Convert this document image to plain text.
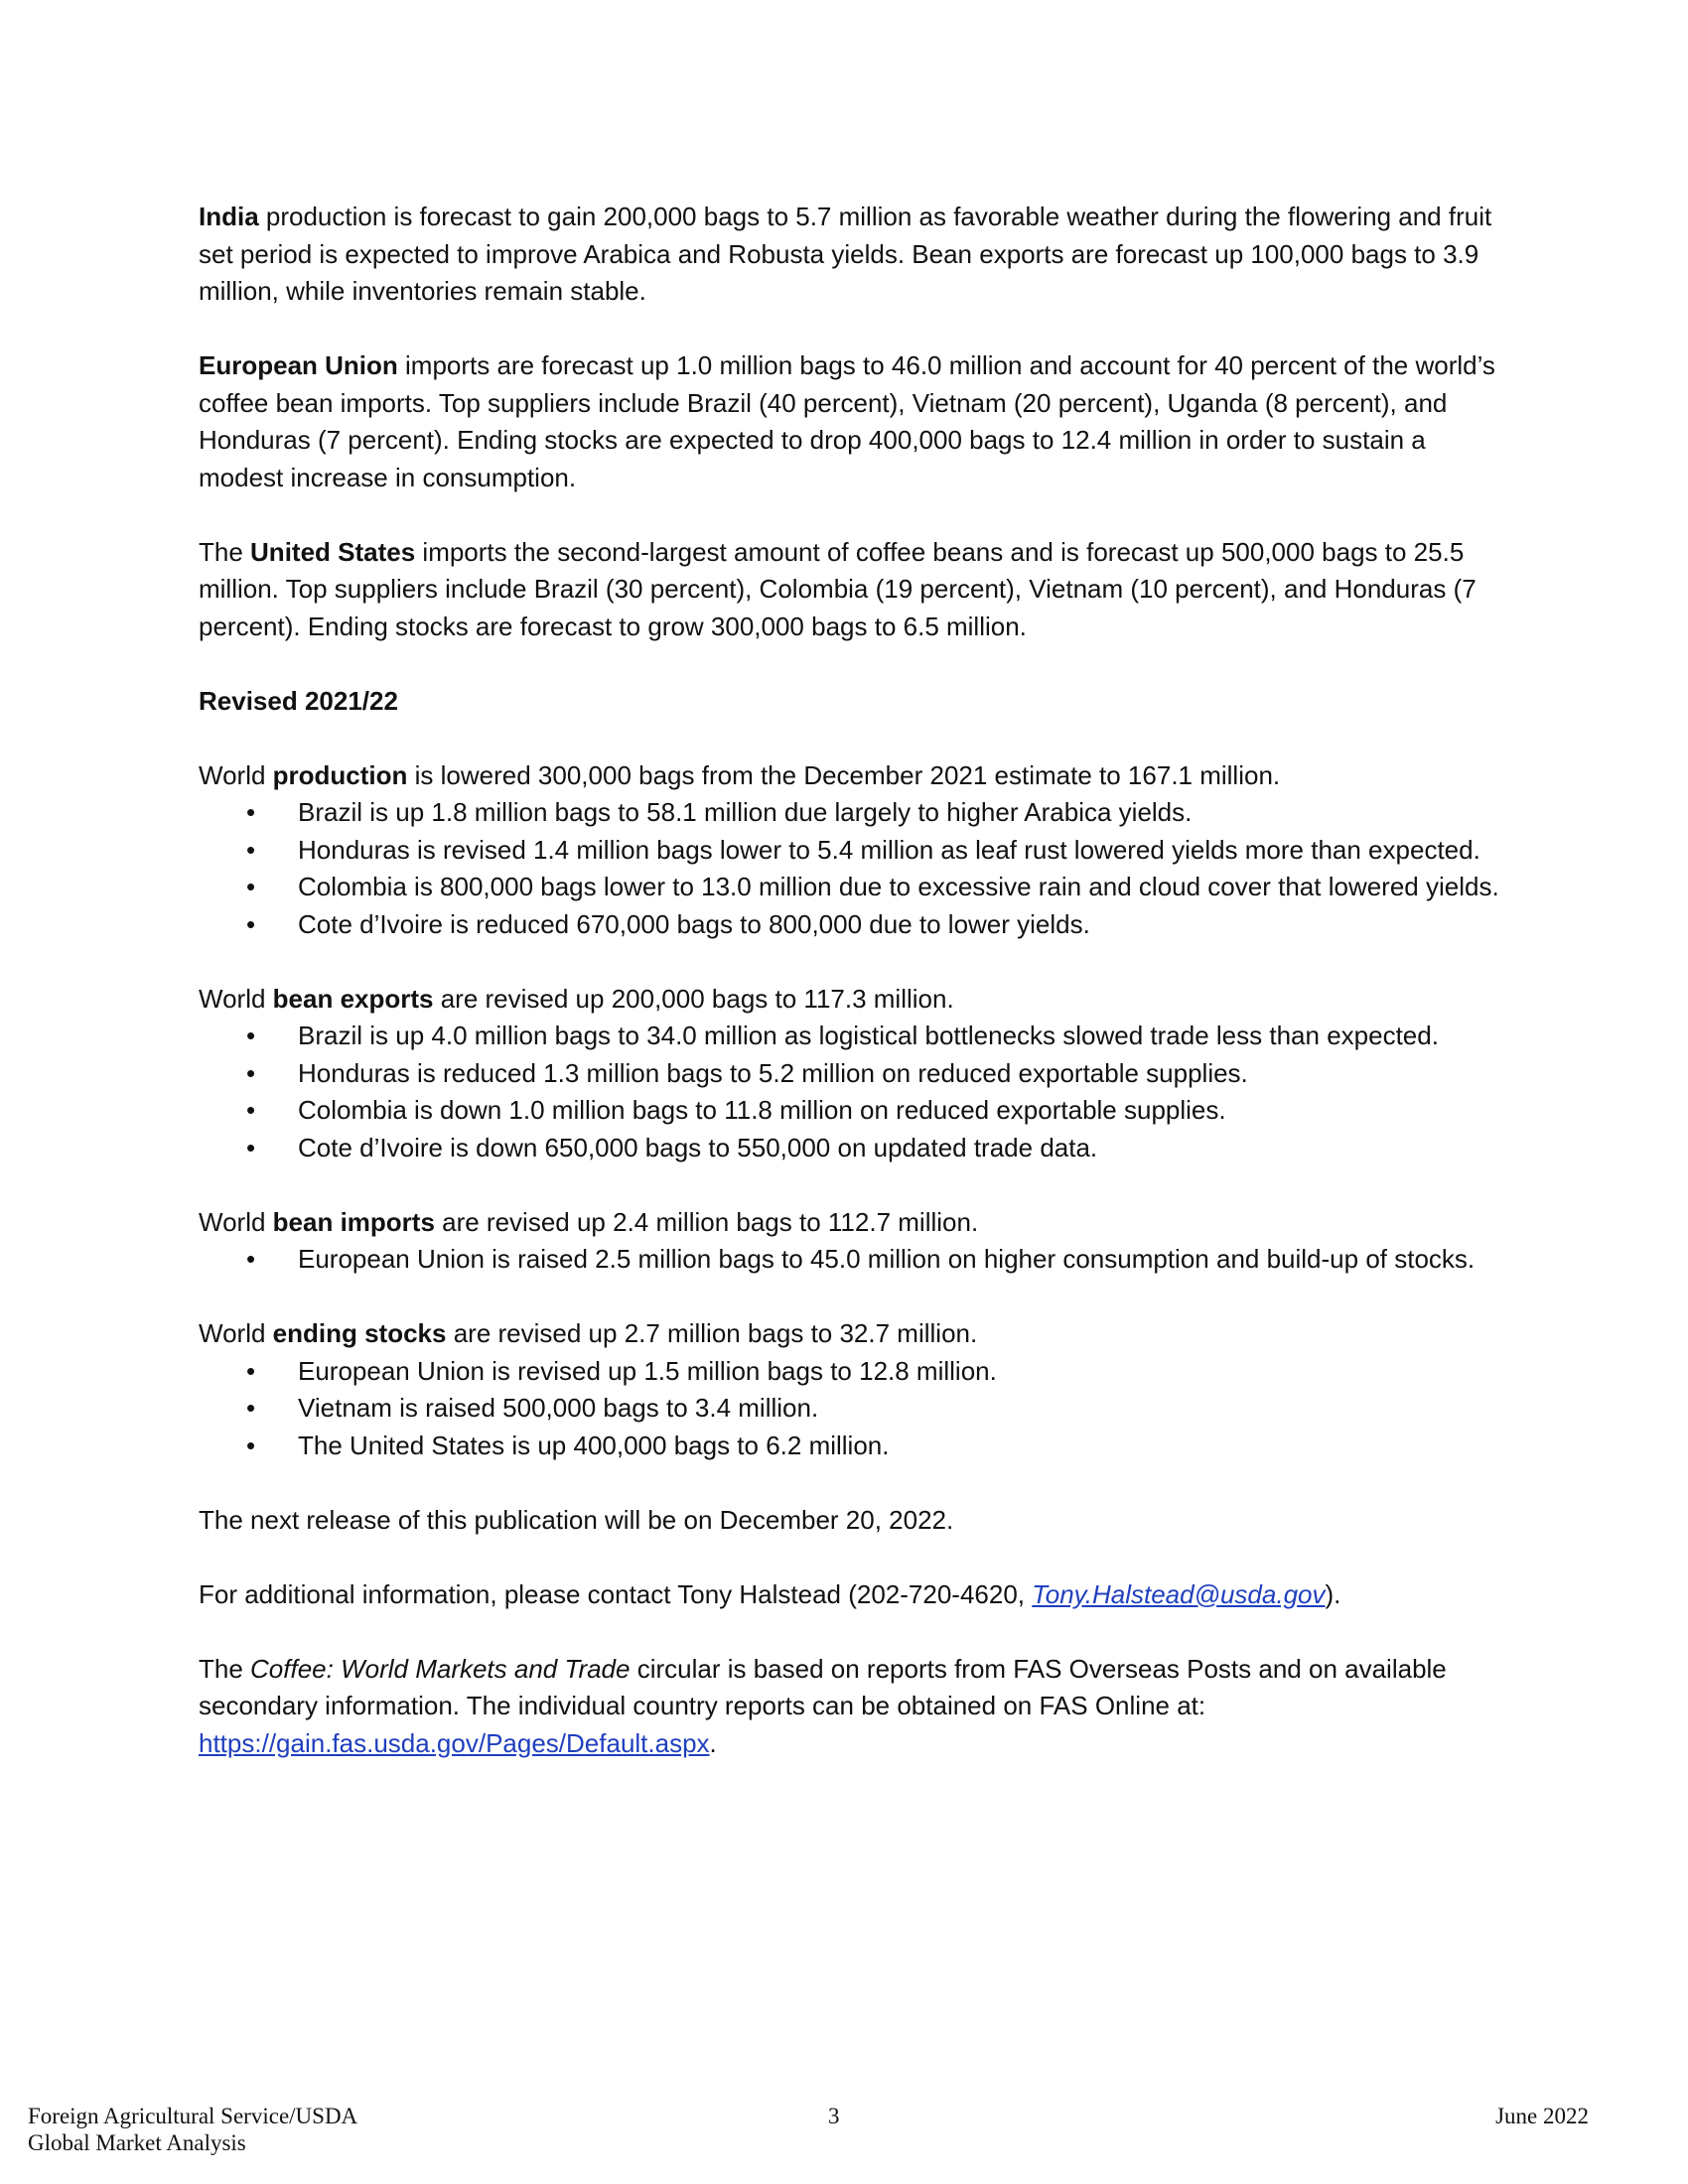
India production is forecast to gain 200,000 bags to 5.7 million as favorable weather during the flowering and fruit set period is expected to improve Arabica and Robusta yields. Bean exports are forecast up 100,000 bags to 3.9 million, while inventories remain stable.

European Union imports are forecast up 1.0 million bags to 46.0 million and account for 40 percent of the world’s coffee bean imports. Top suppliers include Brazil (40 percent), Vietnam (20 percent), Uganda (8 percent), and Honduras (7 percent). Ending stocks are expected to drop 400,000 bags to 12.4 million in order to sustain a modest increase in consumption.

The United States imports the second-largest amount of coffee beans and is forecast up 500,000 bags to 25.5 million. Top suppliers include Brazil (30 percent), Colombia (19 percent), Vietnam (10 percent), and Honduras (7 percent). Ending stocks are forecast to grow 300,000 bags to 6.5 million.

Revised 2021/22

World production is lowered 300,000 bags from the December 2021 estimate to 167.1 million.

• Brazil is up 1.8 million bags to 58.1 million due largely to higher Arabica yields.
• Honduras is revised 1.4 million bags lower to 5.4 million as leaf rust lowered yields more than expected.
• Colombia is 800,000 bags lower to 13.0 million due to excessive rain and cloud cover that lowered yields.
• Cote d’Ivoire is reduced 670,000 bags to 800,000 due to lower yields.

World bean exports are revised up 200,000 bags to 117.3 million.

• Brazil is up 4.0 million bags to 34.0 million as logistical bottlenecks slowed trade less than expected.
• Honduras is reduced 1.3 million bags to 5.2 million on reduced exportable supplies.
• Colombia is down 1.0 million bags to 11.8 million on reduced exportable supplies.
• Cote d’Ivoire is down 650,000 bags to 550,000 on updated trade data.

World bean imports are revised up 2.4 million bags to 112.7 million.

• European Union is raised 2.5 million bags to 45.0 million on higher consumption and build-up of stocks.

World ending stocks are revised up 2.7 million bags to 32.7 million.

• European Union is revised up 1.5 million bags to 12.8 million.
• Vietnam is raised 500,000 bags to 3.4 million.
• The United States is up 400,000 bags to 6.2 million.

The next release of this publication will be on December 20, 2022.

For additional information, please contact Tony Halstead (202-720-4620, Tony.Halstead@usda.gov).

The Coffee: World Markets and Trade circular is based on reports from FAS Overseas Posts and on available secondary information. The individual country reports can be obtained on FAS Online at: https://gain.fas.usda.gov/Pages/Default.aspx.

Foreign Agricultural Service/USDA
Global Market Analysis
3	June 2022
